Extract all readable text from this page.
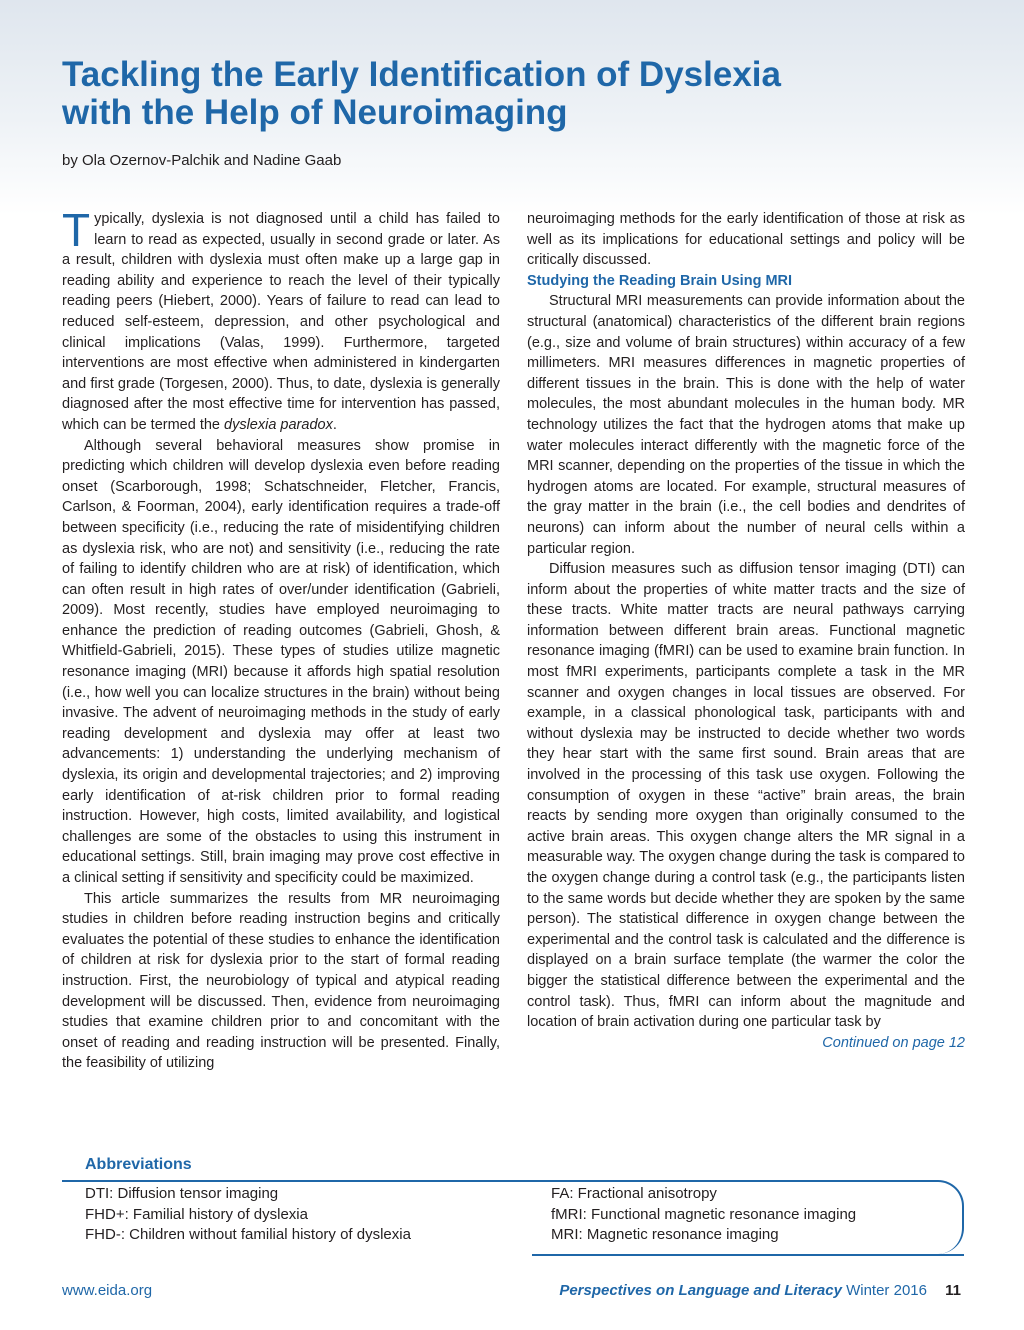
Tackling the Early Identification of Dyslexia
with the Help of Neuroimaging
by Ola Ozernov-Palchik and Nadine Gaab

Typically, dyslexia is not diagnosed until a child has failed to learn to read as expected, usually in second grade or later. As a result, children with dyslexia must often make up a large gap in reading ability and experience to reach the level of their typically reading peers (Hiebert, 2000). Years of failure to read can lead to reduced self-esteem, depression, and other psychological and clinical implications (Valas, 1999). Furthermore, targeted interventions are most effective when administered in kindergarten and first grade (Torgesen, 2000). Thus, to date, dyslexia is generally diagnosed after the most effective time for intervention has passed, which can be termed the dyslexia paradox.

Although several behavioral measures show promise in predicting which children will develop dyslexia even before reading onset (Scarborough, 1998; Schatschneider, Fletcher, Francis, Carlson, & Foorman, 2004), early identification requires a trade-off between specificity (i.e., reducing the rate of misidentifying children as dyslexia risk, who are not) and sensitivity (i.e., reducing the rate of failing to identify children who are at risk) of identification, which can often result in high rates of over/under identification (Gabrieli, 2009). Most recently, studies have employed neuroimaging to enhance the prediction of reading outcomes (Gabrieli, Ghosh, & Whitfield-Gabrieli, 2015). These types of studies utilize magnetic resonance imaging (MRI) because it affords high spatial resolution (i.e., how well you can localize structures in the brain) without being invasive. The advent of neuroimaging methods in the study of early reading development and dyslexia may offer at least two advancements: 1) understanding the underlying mechanism of dyslexia, its origin and developmental trajectories; and 2) improving early identification of at-risk children prior to formal reading instruction. However, high costs, limited availability, and logistical challenges are some of the obstacles to using this instrument in educational settings. Still, brain imaging may prove cost effective in a clinical setting if sensitivity and specificity could be maximized.

This article summarizes the results from MR neuroimaging studies in children before reading instruction begins and critically evaluates the potential of these studies to enhance the identification of children at risk for dyslexia prior to the start of formal reading instruction. First, the neurobiology of typical and atypical reading development will be discussed. Then, evidence from neuroimaging studies that examine children prior to and concomitant with the onset of reading and reading instruction will be presented. Finally, the feasibility of utilizing

neuroimaging methods for the early identification of those at risk as well as its implications for educational settings and policy will be critically discussed.

Studying the Reading Brain Using MRI

Structural MRI measurements can provide information about the structural (anatomical) characteristics of the different brain regions (e.g., size and volume of brain structures) within accuracy of a few millimeters. MRI measures differences in magnetic properties of different tissues in the brain. This is done with the help of water molecules, the most abundant molecules in the human body. MR technology utilizes the fact that the hydrogen atoms that make up water molecules interact differently with the magnetic force of the MRI scanner, depending on the properties of the tissue in which the hydrogen atoms are located. For example, structural measures of the gray matter in the brain (i.e., the cell bodies and dendrites of neurons) can inform about the number of neural cells within a particular region.

Diffusion measures such as diffusion tensor imaging (DTI) can inform about the properties of white matter tracts and the size of these tracts. White matter tracts are neural pathways carrying information between different brain areas. Functional magnetic resonance imaging (fMRI) can be used to examine brain function. In most fMRI experiments, participants complete a task in the MR scanner and oxygen changes in local tissues are observed. For example, in a classical phonological task, participants with and without dyslexia may be instructed to decide whether two words they hear start with the same first sound. Brain areas that are involved in the processing of this task use oxygen. Following the consumption of oxygen in these “active” brain areas, the brain reacts by sending more oxygen than originally consumed to the active brain areas. This oxygen change alters the MR signal in a measurable way. The oxygen change during the task is compared to the oxygen change during a control task (e.g., the participants listen to the same words but decide whether they are spoken by the same person). The statistical difference in oxygen change between the experimental and the control task is calculated and the difference is displayed on a brain surface template (the warmer the color the bigger the statistical difference between the experimental and the control task). Thus, fMRI can inform about the magnitude and location of brain activation during one particular task by

Continued on page 12

Abbreviations
DTI: Diffusion tensor imaging
FHD+: Familial history of dyslexia
FHD-: Children without familial history of dyslexia
FA: Fractional anisotropy
fMRI: Functional magnetic resonance imaging
MRI: Magnetic resonance imaging
www.eida.org	Perspectives on Language and Literacy Winter 2016 11
